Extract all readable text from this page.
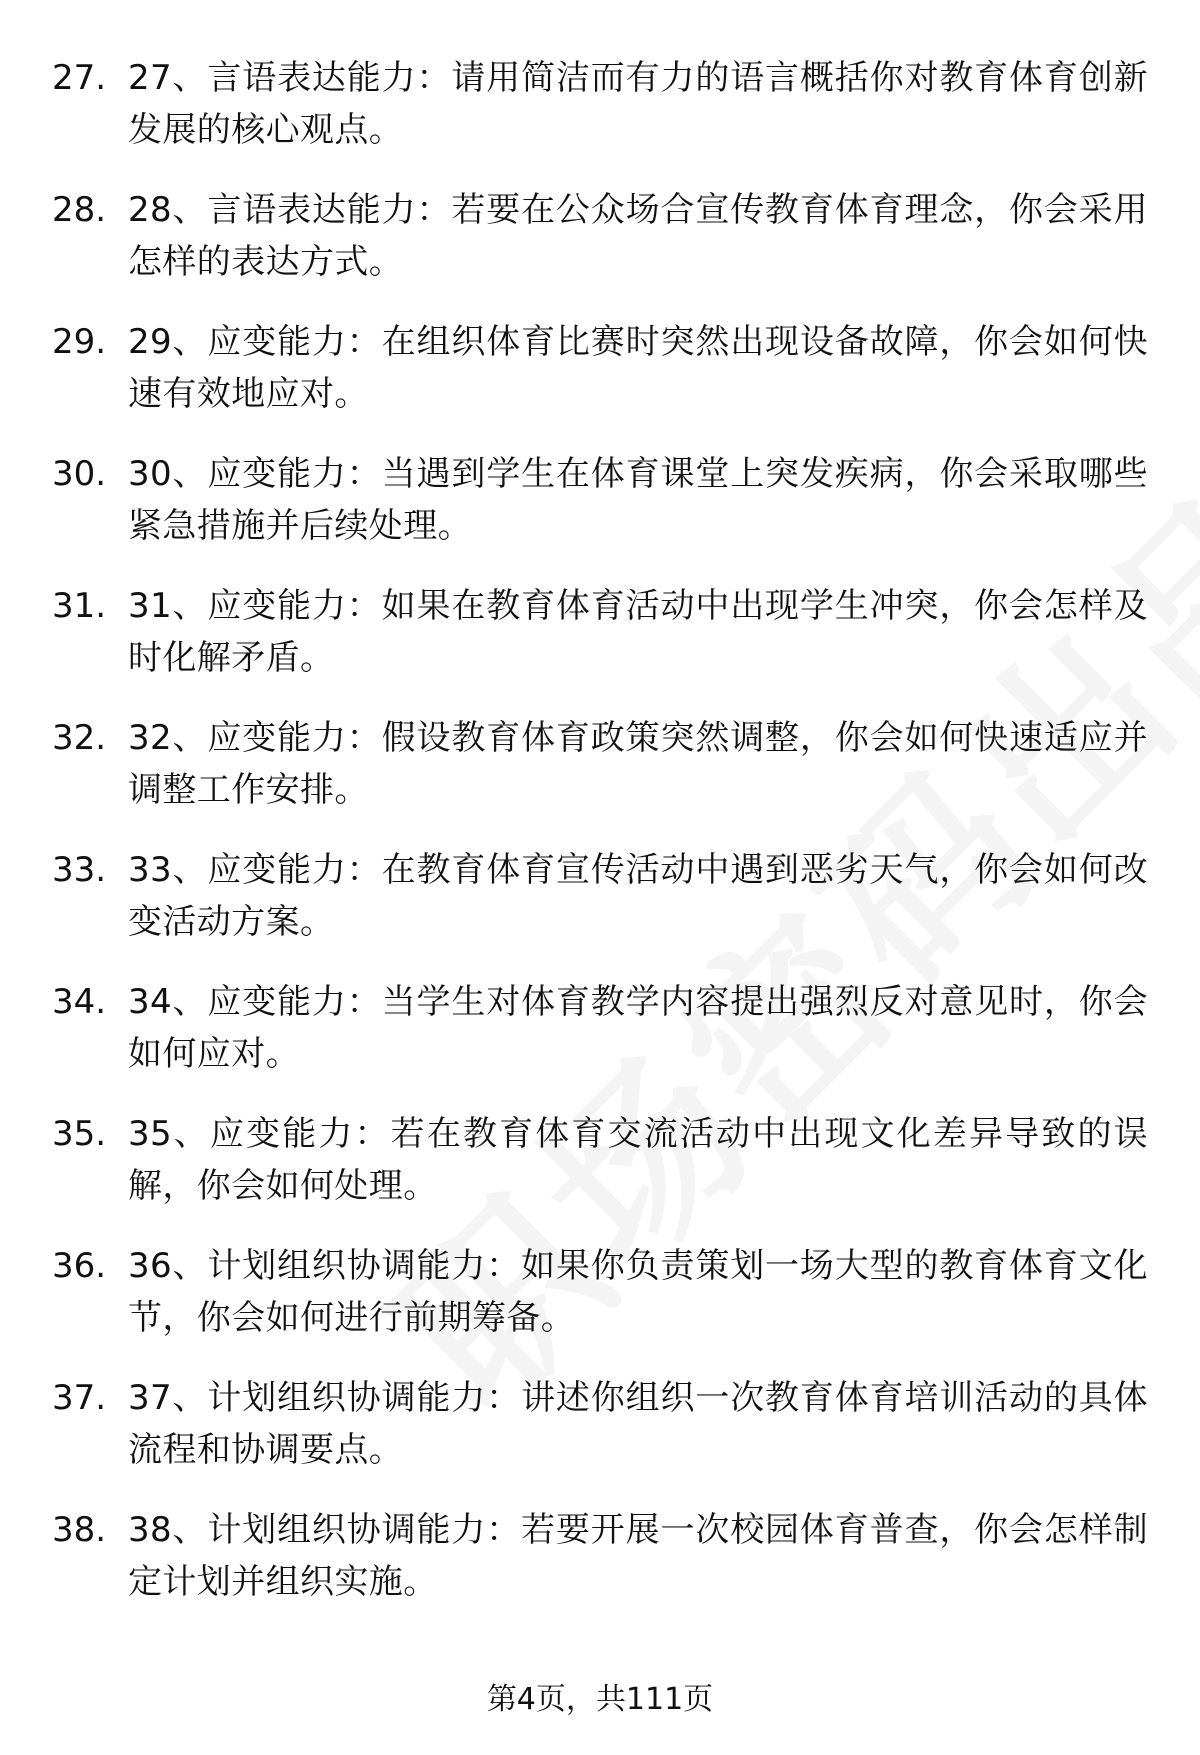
27. 27、言语表达能力：请用简洁而有力的语言概括你对教育体育创新发展的核心观点。
28. 28、言语表达能力：若要在公众场合宣传教育体育理念，你会采用怎样的表达方式。
29. 29、应变能力：在组织体育比赛时突然出现设备故障，你会如何快速有效地应对。
30. 30、应变能力：当遇到学生在体育课堂上突发疾病，你会采取哪些紧急措施并后续处理。
31. 31、应变能力：如果在教育体育活动中出现学生冲突，你会怎样及时化解矛盾。
32. 32、应变能力：假设教育体育政策突然调整，你会如何快速适应并调整工作安排。
33. 33、应变能力：在教育体育宣传活动中遇到恶劣天气，你会如何改变活动方案。
34. 34、应变能力：当学生对体育教学内容提出强烈反对意见时，你会如何应对。
35. 35、应变能力：若在教育体育交流活动中出现文化差异导致的误解，你会如何处理。
36. 36、计划组织协调能力：如果你负责策划一场大型的教育体育文化节，你会如何进行前期筹备。
37. 37、计划组织协调能力：讲述你组织一次教育体育培训活动的具体流程和协调要点。
38. 38、计划组织协调能力：若要开展一次校园体育普查，你会怎样制定计划并组织实施。
第4页，共111页
